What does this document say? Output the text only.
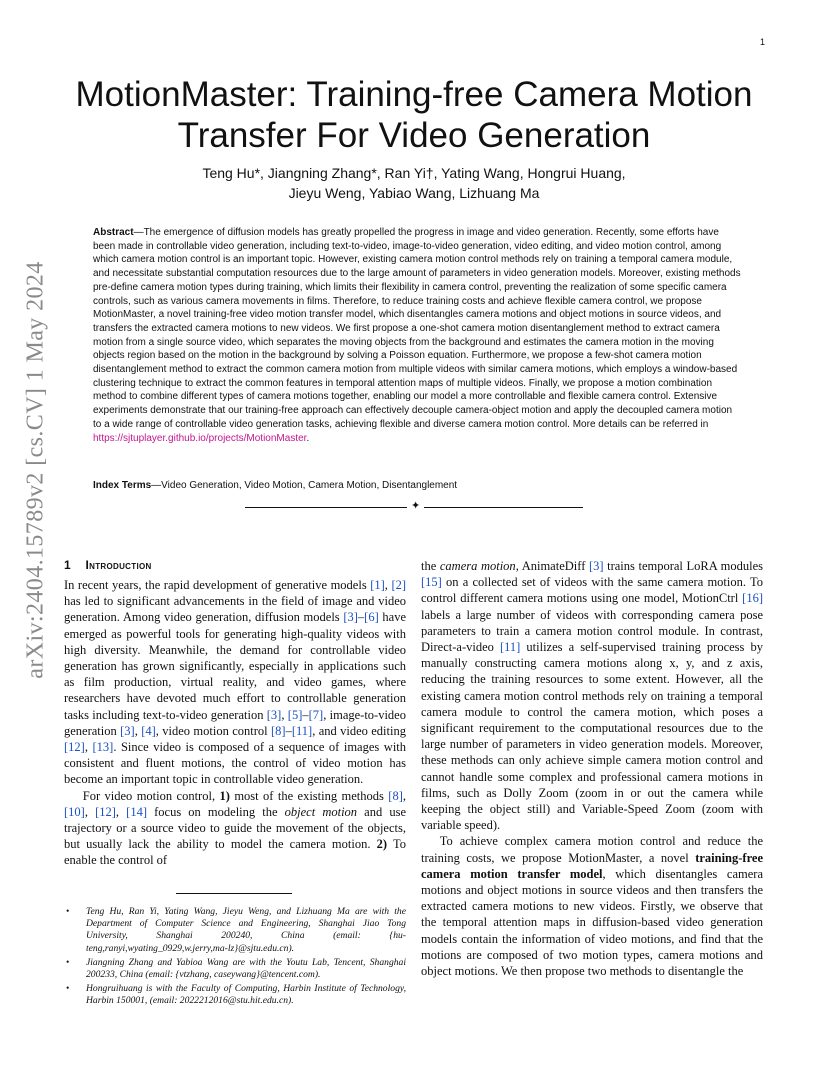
1
arXiv:2404.15789v2 [cs.CV] 1 May 2024
MotionMaster: Training-free Camera Motion
Transfer For Video Generation
Teng Hu*, Jiangning Zhang*, Ran Yi†, Yating Wang, Hongrui Huang,
Jieyu Weng, Yabiao Wang, Lizhuang Ma

Abstract—The emergence of diffusion models has greatly propelled the progress in image and video generation. Recently, some efforts have been made in controllable video generation, including text-to-video, image-to-video generation, video editing, and video motion control, among which camera motion control is an important topic. However, existing camera motion control methods rely on training a temporal camera module, and necessitate substantial computation resources due to the large amount of parameters in video generation models. Moreover, existing methods pre-define camera motion types during training, which limits their flexibility in camera control, preventing the realization of some specific camera controls, such as various camera movements in films. Therefore, to reduce training costs and achieve flexible camera control, we propose MotionMaster, a novel training-free video motion transfer model, which disentangles camera motions and object motions in source videos, and transfers the extracted camera motions to new videos. We first propose a one-shot camera motion disentanglement method to extract camera motion from a single source video, which separates the moving objects from the background and estimates the camera motion in the moving objects region based on the motion in the background by solving a Poisson equation. Furthermore, we propose a few-shot camera motion disentanglement method to extract the common camera motion from multiple videos with similar camera motions, which employs a window-based clustering technique to extract the common features in temporal attention maps of multiple videos. Finally, we propose a motion combination method to combine different types of camera motions together, enabling our model a more controllable and flexible camera control. Extensive experiments demonstrate that our training-free approach can effectively decouple camera-object motion and apply the decoupled camera motion to a wide range of controllable video generation tasks, achieving flexible and diverse camera motion control. More details can be referred in https://sjtuplayer.github.io/projects/MotionMaster.

Index Terms—Video Generation, Video Motion, Camera Motion, Disentanglement

✦
1 Introduction

In recent years, the rapid development of generative models [1], [2] has led to significant advancements in the field of image and video generation. Among video generation, diffusion models [3]–[6] have emerged as powerful tools for generating high-quality videos with high diversity. Meanwhile, the demand for controllable video generation has grown significantly, especially in applications such as film production, virtual reality, and video games, where researchers have devoted much effort to controllable generation tasks including text-to-video generation [3], [5]–[7], image-to-video generation [3], [4], video motion control [8]–[11], and video editing [12], [13]. Since video is composed of a sequence of images with consistent and fluent motions, the control of video motion has become an important topic in controllable video generation.

For video motion control, 1) most of the existing methods [8], [10], [12], [14] focus on modeling the object motion and use trajectory or a source video to guide the movement of the objects, but usually lack the ability to model the camera motion. 2) To enable the control of

the camera motion, AnimateDiff [3] trains temporal LoRA modules [15] on a collected set of videos with the same camera motion. To control different camera motions using one model, MotionCtrl [16] labels a large number of videos with corresponding camera pose parameters to train a camera motion control module. In contrast, Direct-a-video [11] utilizes a self-supervised training process by manually constructing camera motions along x, y, and z axis, reducing the training resources to some extent. However, all the existing camera motion control methods rely on training a temporal camera module to control the camera motion, which poses a significant requirement to the computational resources due to the large number of parameters in video generation models. Moreover, these methods can only achieve simple camera motion control and cannot handle some complex and professional camera motions in films, such as Dolly Zoom (zoom in or out the camera while keeping the object still) and Variable-Speed Zoom (zoom with variable speed).

To achieve complex camera motion control and reduce the training costs, we propose MotionMaster, a novel training-free camera motion transfer model, which disentangles camera motions and object motions in source videos and then transfers the extracted camera motions to new videos. Firstly, we observe that the temporal attention maps in diffusion-based video generation models contain the information of video motions, and find that the motions are composed of two motion types, camera motions and object motions. We then propose two methods to disentangle the

• Teng Hu, Ran Yi, Yating Wang, Jieyu Weng, and Lizhuang Ma are with the Department of Computer Science and Engineering, Shanghai Jiao Tong University, Shanghai 200240, China (email: {hu-teng,ranyi,wyating_0929,w.jerry,ma-lz}@sjtu.edu.cn).
• Jiangning Zhang and Yabioa Wang are with the Youtu Lab, Tencent, Shanghai 200233, China (email: {vtzhang, caseywang}@tencent.com).
• Hongruihuang is with the Faculty of Computing, Harbin Institute of Technology, Harbin 150001, (email: 2022212016@stu.hit.edu.cn).
